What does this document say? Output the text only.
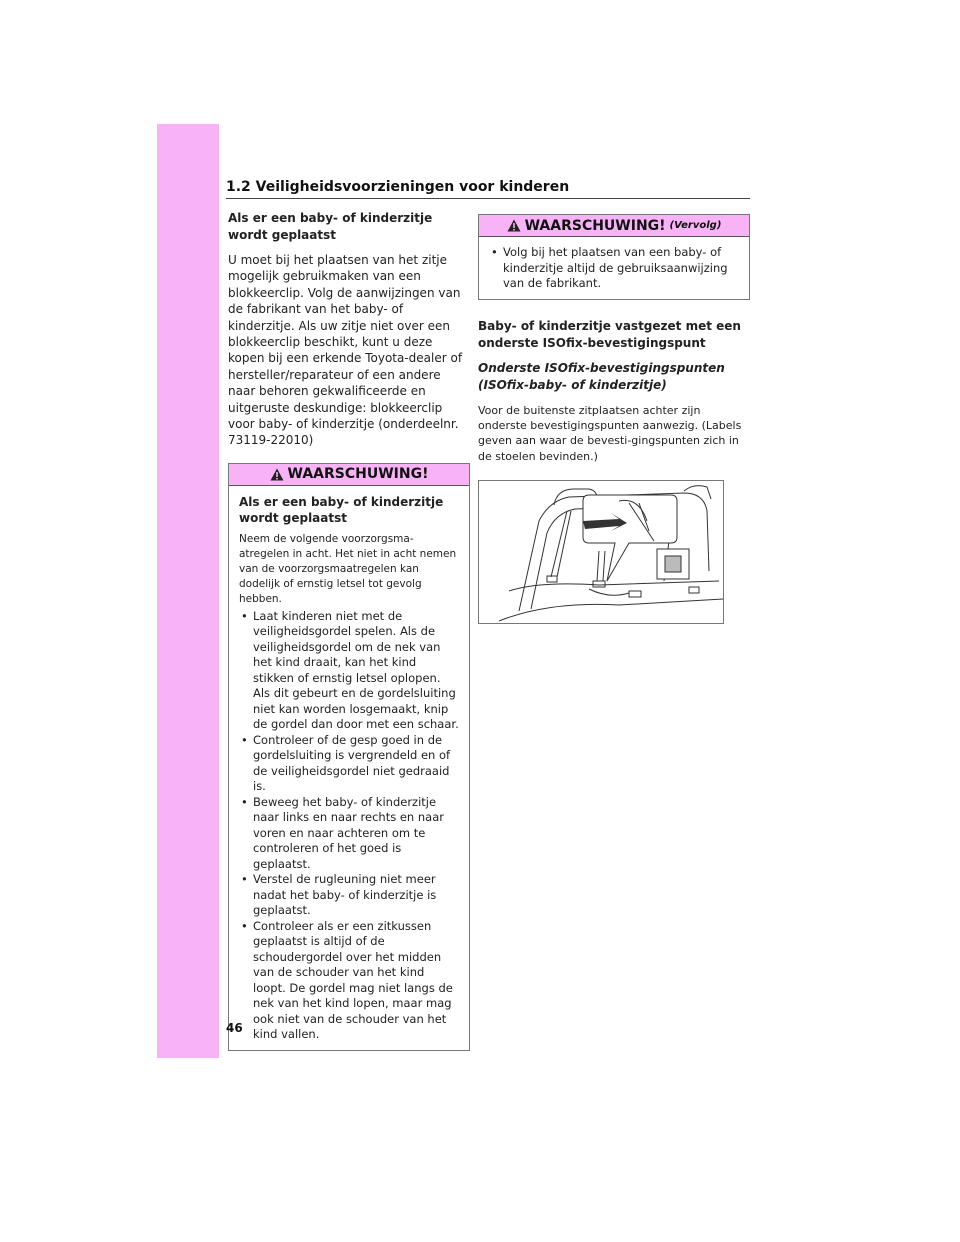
1.2 Veiligheidsvoorzieningen voor kinderen

Als er een baby- of kinderzitje wordt geplaatst

U moet bij het plaatsen van het zitje mogelijk gebruikmaken van een blokkeerclip. Volg de aanwijzingen van de fabrikant van het baby- of kinderzitje. Als uw zitje niet over een blokkeerclip beschikt, kunt u deze kopen bij een erkende Toyota-dealer of hersteller/reparateur of een andere naar behoren gekwalificeerde en uitgeruste deskundige: blokkeerclip voor baby- of kinderzitje (onderdeelnr. 73119-22010)

WAARSCHUWING!
Als er een baby- of kinderzitje wordt geplaatst
Neem de volgende voorzorgsma-atregelen in acht. Het niet in acht nemen van de voorzorgsmaatregelen kan dodelijk of ernstig letsel tot gevolg hebben.
• Laat kinderen niet met de veiligheidsgordel spelen. Als de veiligheidsgordel om de nek van het kind draait, kan het kind stikken of ernstig letsel oplopen. Als dit gebeurt en de gordelsluiting niet kan worden losgemaakt, knip de gordel dan door met een schaar.
• Controleer of de gesp goed in de gordelsluiting is vergrendeld en of de veiligheidsgordel niet gedraaid is.
• Beweeg het baby- of kinderzitje naar links en naar rechts en naar voren en naar achteren om te controleren of het goed is geplaatst.
• Verstel de rugleuning niet meer nadat het baby- of kinderzitje is geplaatst.
• Controleer als er een zitkussen geplaatst is altijd of de schoudergordel over het midden van de schouder van het kind loopt. De gordel mag niet langs de nek van het kind lopen, maar mag ook niet van de schouder van het kind vallen.
WAARSCHUWING! (Vervolg)
• Volg bij het plaatsen van een baby- of kinderzitje altijd de gebruiksaanwijzing van de fabrikant.

Baby- of kinderzitje vastgezet met een onderste ISOfix-bevestigingspunt

Onderste ISOfix-bevestigingspunten (ISOfix-baby- of kinderzitje)

Voor de buitenste zitplaatsen achter zijn onderste bevestigingspunten aanwezig. (Labels geven aan waar de bevesti-gingspunten zich in de stoelen bevinden.)

46
